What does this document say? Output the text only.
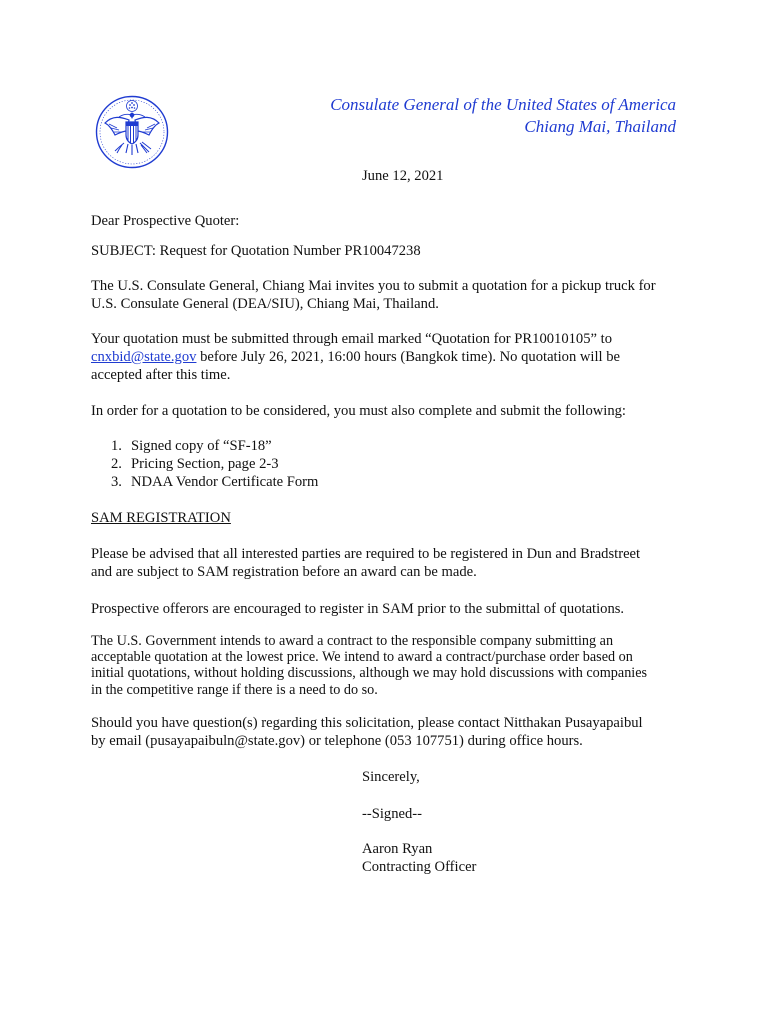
Consulate General of the United States of America
Chiang Mai, Thailand
June 12, 2021
Dear Prospective Quoter:
SUBJECT: Request for Quotation Number PR10047238
The U.S. Consulate General, Chiang Mai invites you to submit a quotation for a pickup truck for
U.S. Consulate General (DEA/SIU), Chiang Mai, Thailand.
Your quotation must be submitted through email marked “Quotation for PR10010105” to
cnxbid@state.gov before July 26, 2021, 16:00 hours (Bangkok time). No quotation will be
accepted after this time.
In order for a quotation to be considered, you must also complete and submit the following:
1. Signed copy of “SF-18”
2. Pricing Section, page 2-3
3. NDAA Vendor Certificate Form
SAM REGISTRATION
Please be advised that all interested parties are required to be registered in Dun and Bradstreet
and are subject to SAM registration before an award can be made.
Prospective offerors are encouraged to register in SAM prior to the submittal of quotations.
The U.S. Government intends to award a contract to the responsible company submitting an
acceptable quotation at the lowest price. We intend to award a contract/purchase order based on
initial quotations, without holding discussions, although we may hold discussions with companies
in the competitive range if there is a need to do so.
Should you have question(s) regarding this solicitation, please contact Nitthakan Pusayapaibul
by email (pusayapaibuln@state.gov) or telephone (053 107751) during office hours.
Sincerely,
--Signed--
Aaron Ryan
Contracting Officer
